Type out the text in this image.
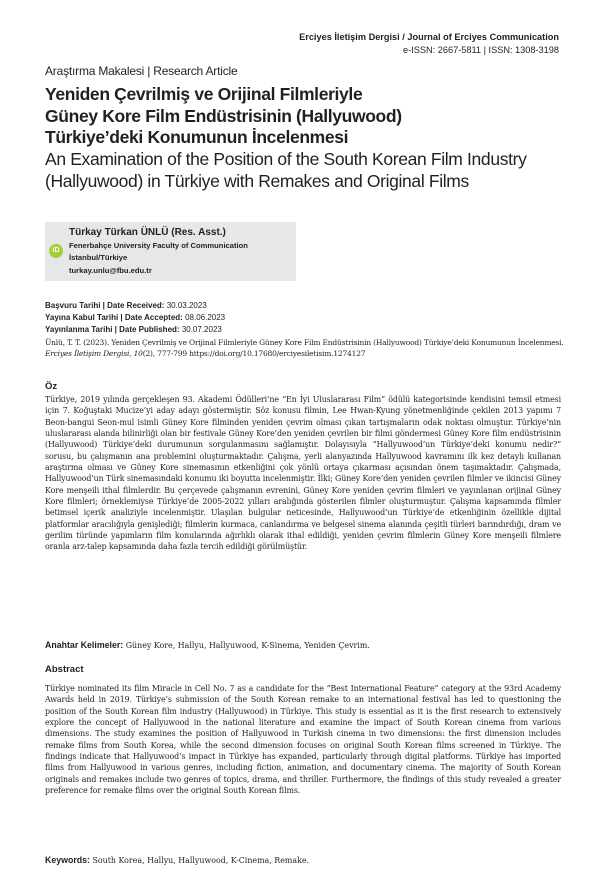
Erciyes İletişim Dergisi / Journal of Erciyes Communication
e-ISSN: 2667-5811 | ISSN: 1308-3198
Araştırma Makalesi | Research Article
Yeniden Çevrilmiş ve Orijinal Filmleriyle
Güney Kore Film Endüstrisinin (Hallyuwood)
Türkiye’deki Konumunun İncelenmesi
An Examination of the Position of the South Korean Film Industry
(Hallyuwood) in Türkiye with Remakes and Original Films
iD
Türkay Türkan ÜNLÜ (Res. Asst.)
Fenerbahçe University Faculty of Communication
İstanbul/Türkiye
turkay.unlu@fbu.edu.tr
Başvuru Tarihi | Date Received: 30.03.2023
Yayına Kabul Tarihi | Date Accepted: 08.06.2023
Yayınlanma Tarihi | Date Published: 30.07.2023
Ünlü, T. T. (2023). Yeniden Çevrilmiş ve Orijinal Filmleriyle Güney Kore Film Endüstrisinin (Hallyuwood) Türkiye’deki Konumunun İncelenmesi. Erciyes İletişim Dergisi, 10(2), 777-799 https://doi.org/10.17680/erciyesiletisim.1274127
Öz
Türkiye, 2019 yılında gerçekleşen 93. Akademi Ödülleri’ne “En İyi Uluslararası Film” ödülü kategorisinde kendisini temsil etmesi için 7. Koğuştaki Mucize’yi aday adayı göstermiştir. Söz konusu filmin, Lee Hwan-Kyung yönetmenliğinde çekilen 2013 yapımı 7 Beon-bangui Seon-mul isimli Güney Kore filminden yeniden çevrim olması çıkan tartışmaların odak noktası olmuştur. Türkiye’nin uluslararası alanda bilinirliği olan bir festivale Güney Kore’den yeniden çevrilen bir filmi göndermesi Güney Kore film endüstrisinin (Hallyuwood) Türkiye’deki durumunun sorgulanmasını sağlamıştır. Dolayısıyla “Hallyuwood’un Türkiye’deki konumu nedir?” sorusu, bu çalışmanın ana problemini oluşturmaktadır. Çalışma, yerli alanyazında Hallyuwood kavramını ilk kez detaylı kullanan araştırma olması ve Güney Kore sinemasının etkenliğini çok yönlü ortaya çıkarması açısından önem taşımaktadır. Çalışmada, Hallyuwood’un Türk sinemasındaki konumu iki boyutta incelenmiştir. İlki; Güney Kore’den yeniden çevrilen filmler ve ikincisi Güney Kore menşeili ithal filmlerdir. Bu çerçevede çalışmanın evrenini, Güney Kore yeniden çevrim filmleri ve yayınlanan orijinal Güney Kore filmleri; örneklemiyse Türkiye’de 2005-2022 yılları aralığında gösterilen filmler oluşturmuştur. Çalışma kapsamında filmler betimsel içerik analiziyle incelenmiştir. Ulaşılan bulgular neticesinde, Hallyuwood’un Türkiye’de etkenliğinin özellikle dijital platformlar aracılığıyla genişlediği; filmlerin kurmaca, canlandırma ve belgesel sinema alanında çeşitli türleri barındırdığı, dram ve gerilim türünde yapımların film konularında ağırlıklı olarak ithal edildiği, yeniden çevrim filmlerin Güney Kore menşeili filmlere oranla arz-talep kapsamında daha fazla tercih edildiği görülmüştür.
Anahtar Kelimeler: Güney Kore, Hallyu, Hallyuwood, K-Sinema, Yeniden Çevrim.
Abstract
Türkiye nominated its film Miracle in Cell No. 7 as a candidate for the “Best International Feature” category at the 93rd Academy Awards held in 2019. Türkiye’s submission of the South Korean remake to an international festival has led to questioning the position of the South Korean film industry (Hallyuwood) in Türkiye. This study is essential as it is the first research to extensively explore the concept of Hallyuwood in the national literature and examine the impact of South Korean cinema from various dimensions. The study examines the position of Hallyuwood in Turkish cinema in two dimensions: the first dimension includes remake films from South Korea, while the second dimension focuses on original South Korean films screened in Türkiye. The findings indicate that Hallyuwood’s impact in Türkiye has expanded, particularly through digital platforms. Türkiye has imported films from Hallyuwood in various genres, including fiction, animation, and documentary cinema. The majority of South Korean originals and remakes include two genres of topics, drama, and thriller. Furthermore, the findings of this study revealed a greater preference for remake films over the original South Korean films.
Keywords: South Korea, Hallyu, Hallyuwood, K-Cinema, Remake.
